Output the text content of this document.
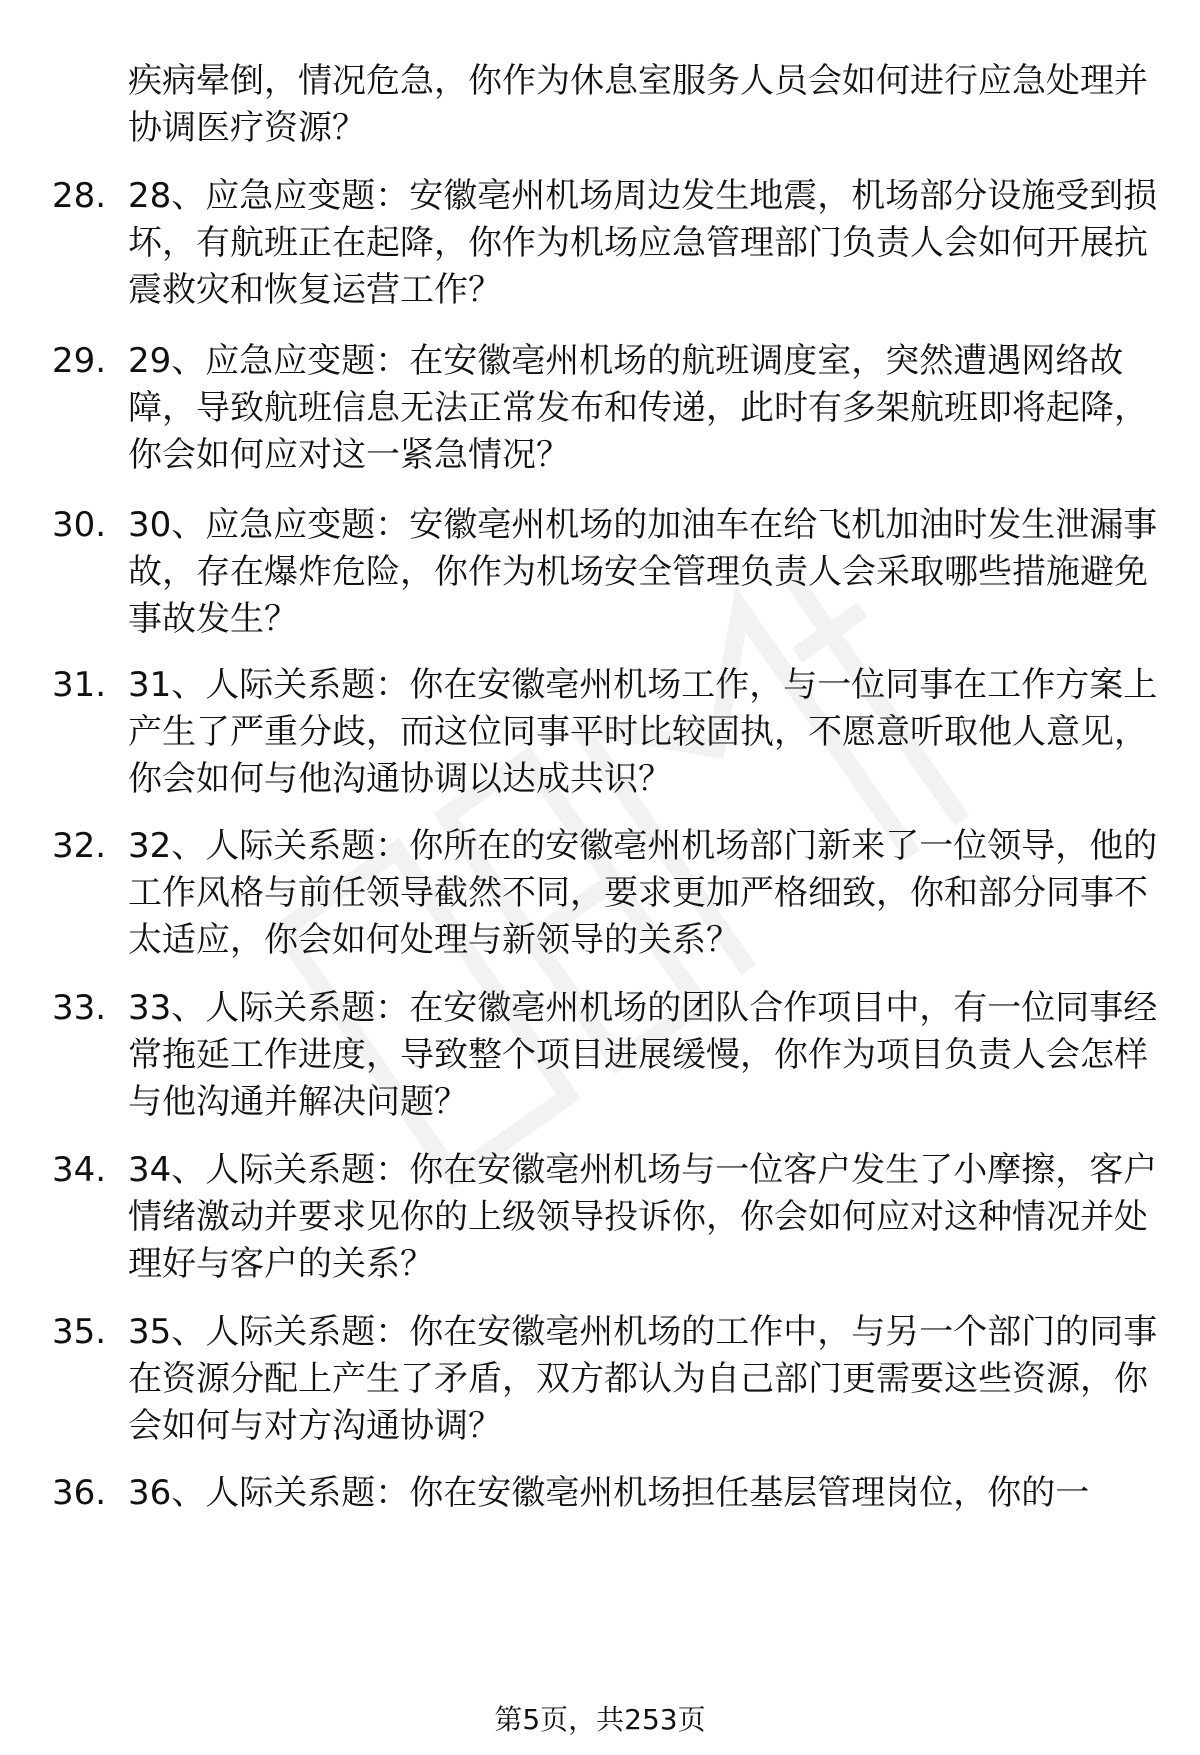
疾病晕倒，情况危急，你作为休息室服务人员会如何进行应急处理并协调医疗资源？

28. 28、应急应变题：安徽亳州机场周边发生地震，机场部分设施受到损坏，有航班正在起降，你作为机场应急管理部门负责人会如何开展抗震救灾和恢复运营工作？

29. 29、应急应变题：在安徽亳州机场的航班调度室，突然遭遇网络故障，导致航班信息无法正常发布和传递，此时有多架航班即将起降，你会如何应对这一紧急情况？

30. 30、应急应变题：安徽亳州机场的加油车在给飞机加油时发生泄漏事故，存在爆炸危险，你作为机场安全管理负责人会采取哪些措施避免事故发生？

31. 31、人际关系题：你在安徽亳州机场工作，与一位同事在工作方案上产生了严重分歧，而这位同事平时比较固执，不愿意听取他人意见，你会如何与他沟通协调以达成共识？

32. 32、人际关系题：你所在的安徽亳州机场部门新来了一位领导，他的工作风格与前任领导截然不同，要求更加严格细致，你和部分同事不太适应，你会如何处理与新领导的关系？

33. 33、人际关系题：在安徽亳州机场的团队合作项目中，有一位同事经常拖延工作进度，导致整个项目进展缓慢，你作为项目负责人会怎样与他沟通并解决问题？

34. 34、人际关系题：你在安徽亳州机场与一位客户发生了小摩擦，客户情绪激动并要求见你的上级领导投诉你，你会如何应对这种情况并处理好与客户的关系？

35. 35、人际关系题：你在安徽亳州机场的工作中，与另一个部门的同事在资源分配上产生了矛盾，双方都认为自己部门更需要这些资源，你会如何与对方沟通协调？

36. 36、人际关系题：你在安徽亳州机场担任基层管理岗位，你的一

第5页，共253页
